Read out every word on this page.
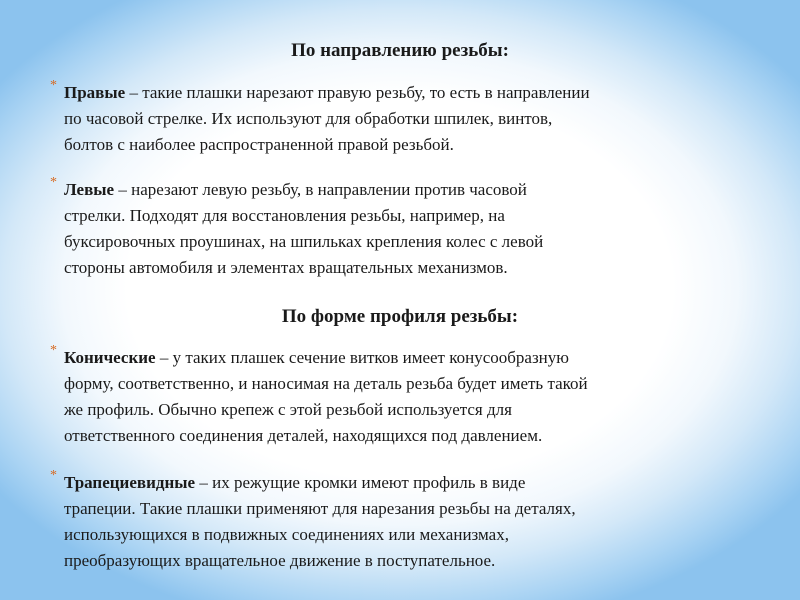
По направлению резьбы:
* Правые – такие плашки нарезают правую резьбу, то есть в направлении
по часовой стрелке. Их используют для обработки шпилек, винтов,
болтов с наиболее распространенной правой резьбой.
* Левые – нарезают левую резьбу, в направлении против часовой
стрелки. Подходят для восстановления резьбы, например, на
буксировочных проушинах, на шпильках крепления колес с левой
стороны автомобиля и элементах вращательных механизмов.
По форме профиля резьбы:
* Конические – у таких плашек сечение витков имеет конусообразную
форму, соответственно, и наносимая на деталь резьба будет иметь такой
же профиль. Обычно крепеж с этой резьбой используется для
ответственного соединения деталей, находящихся под давлением.
* Трапециевидные – их режущие кромки имеют профиль в виде
трапеции. Такие плашки применяют для нарезания резьбы на деталях,
использующихся в подвижных соединениях или механизмах,
преобразующих вращательное движение в поступательное.
